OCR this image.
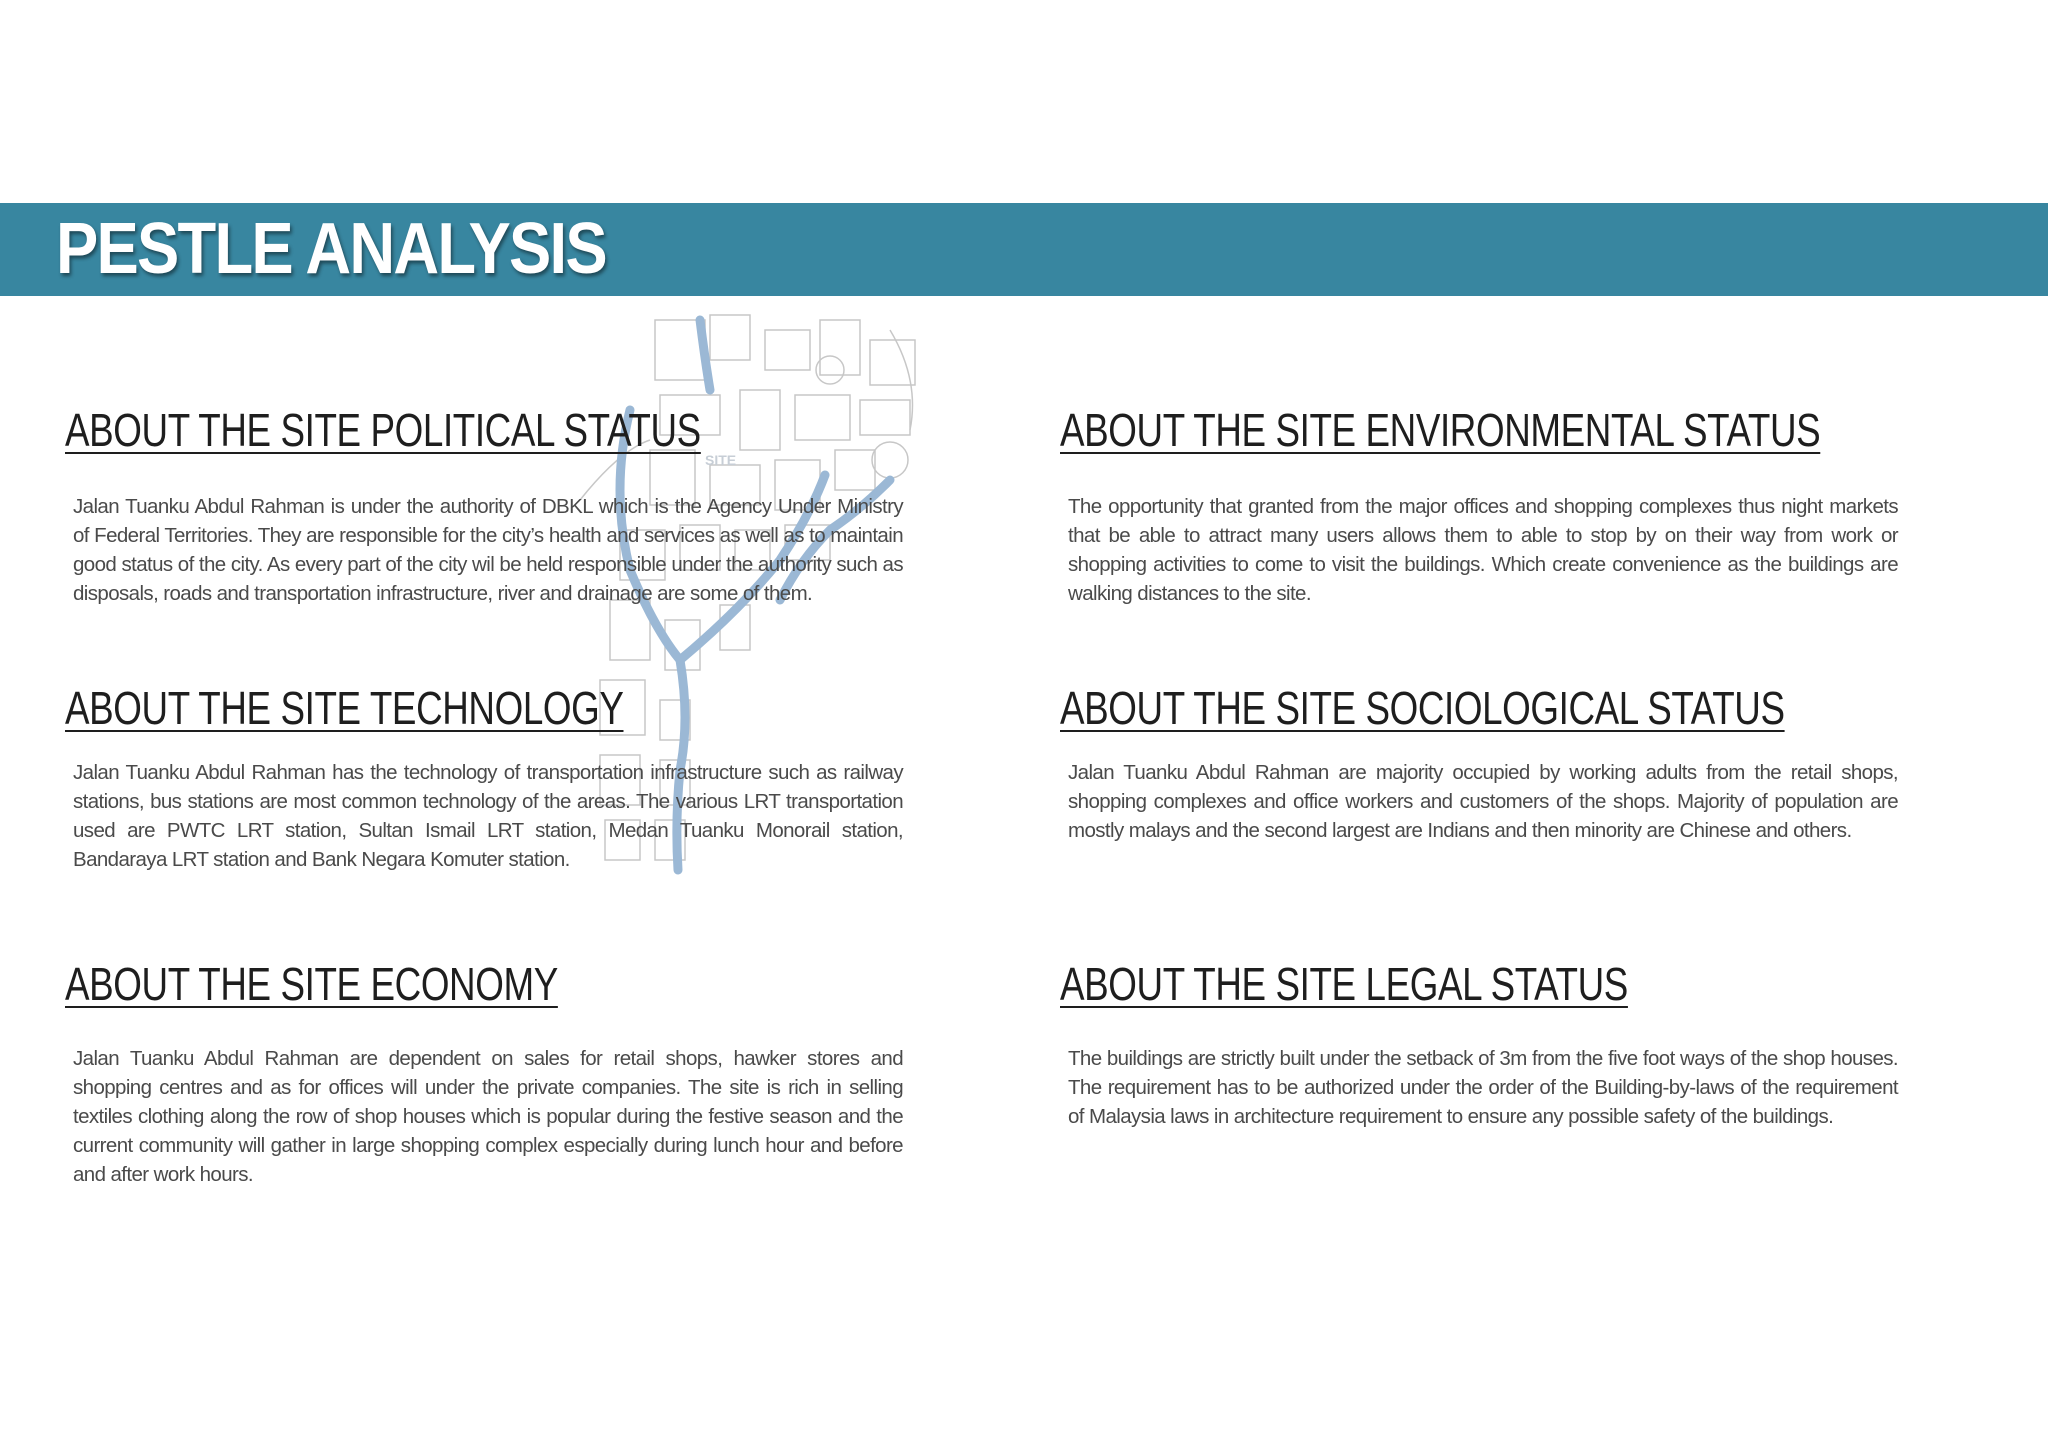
PESTLE ANALYSIS
SITE
ABOUT THE SITE POLITICAL STATUS

Jalan Tuanku Abdul Rahman is under the authority of DBKL which is the Agency Under Ministry of Federal Territories. They are responsible for the city’s health and services as well as to maintain good status of the city. As every part of the city wil be held responsible under the authority such as disposals, roads and transportation infrastructure, river and drainage are some of them.

ABOUT THE SITE TECHNOLOGY

Jalan Tuanku Abdul Rahman has the technology of transportation infrastructure such as railway stations, bus stations are most common technology of the areas. The various LRT transportation used are PWTC LRT station, Sultan Ismail LRT station, Medan Tuanku Monorail station, Bandaraya LRT station and Bank Negara Komuter station.

ABOUT THE SITE ECONOMY

Jalan Tuanku Abdul Rahman are dependent on sales for retail shops, hawker stores and shopping centres and as for offices will under the private companies. The site is rich in selling textiles clothing along the row of shop houses which is popular during the festive season and the current community will gather in large shopping complex especially during lunch hour and before and after work hours.

ABOUT THE SITE ENVIRONMENTAL STATUS

The opportunity that granted from the major offices and shopping complexes thus night markets that be able to attract many users allows them to able to stop by on their way from work or shopping activities to come to visit the buildings. Which create convenience as the buildings are walking distances to the site.

ABOUT THE SITE SOCIOLOGICAL STATUS

Jalan Tuanku Abdul Rahman are majority occupied by working adults from the retail shops, shopping complexes and office workers and customers of the shops. Majority of population are mostly malays and the second largest are Indians and then minority are Chinese and others.

ABOUT THE SITE LEGAL STATUS

The buildings are strictly built under the setback of 3m from the five foot ways of the shop houses. The requirement has to be authorized under the order of the Building-by-laws of the requirement of Malaysia laws in architecture requirement to ensure any possible safety of the buildings.
